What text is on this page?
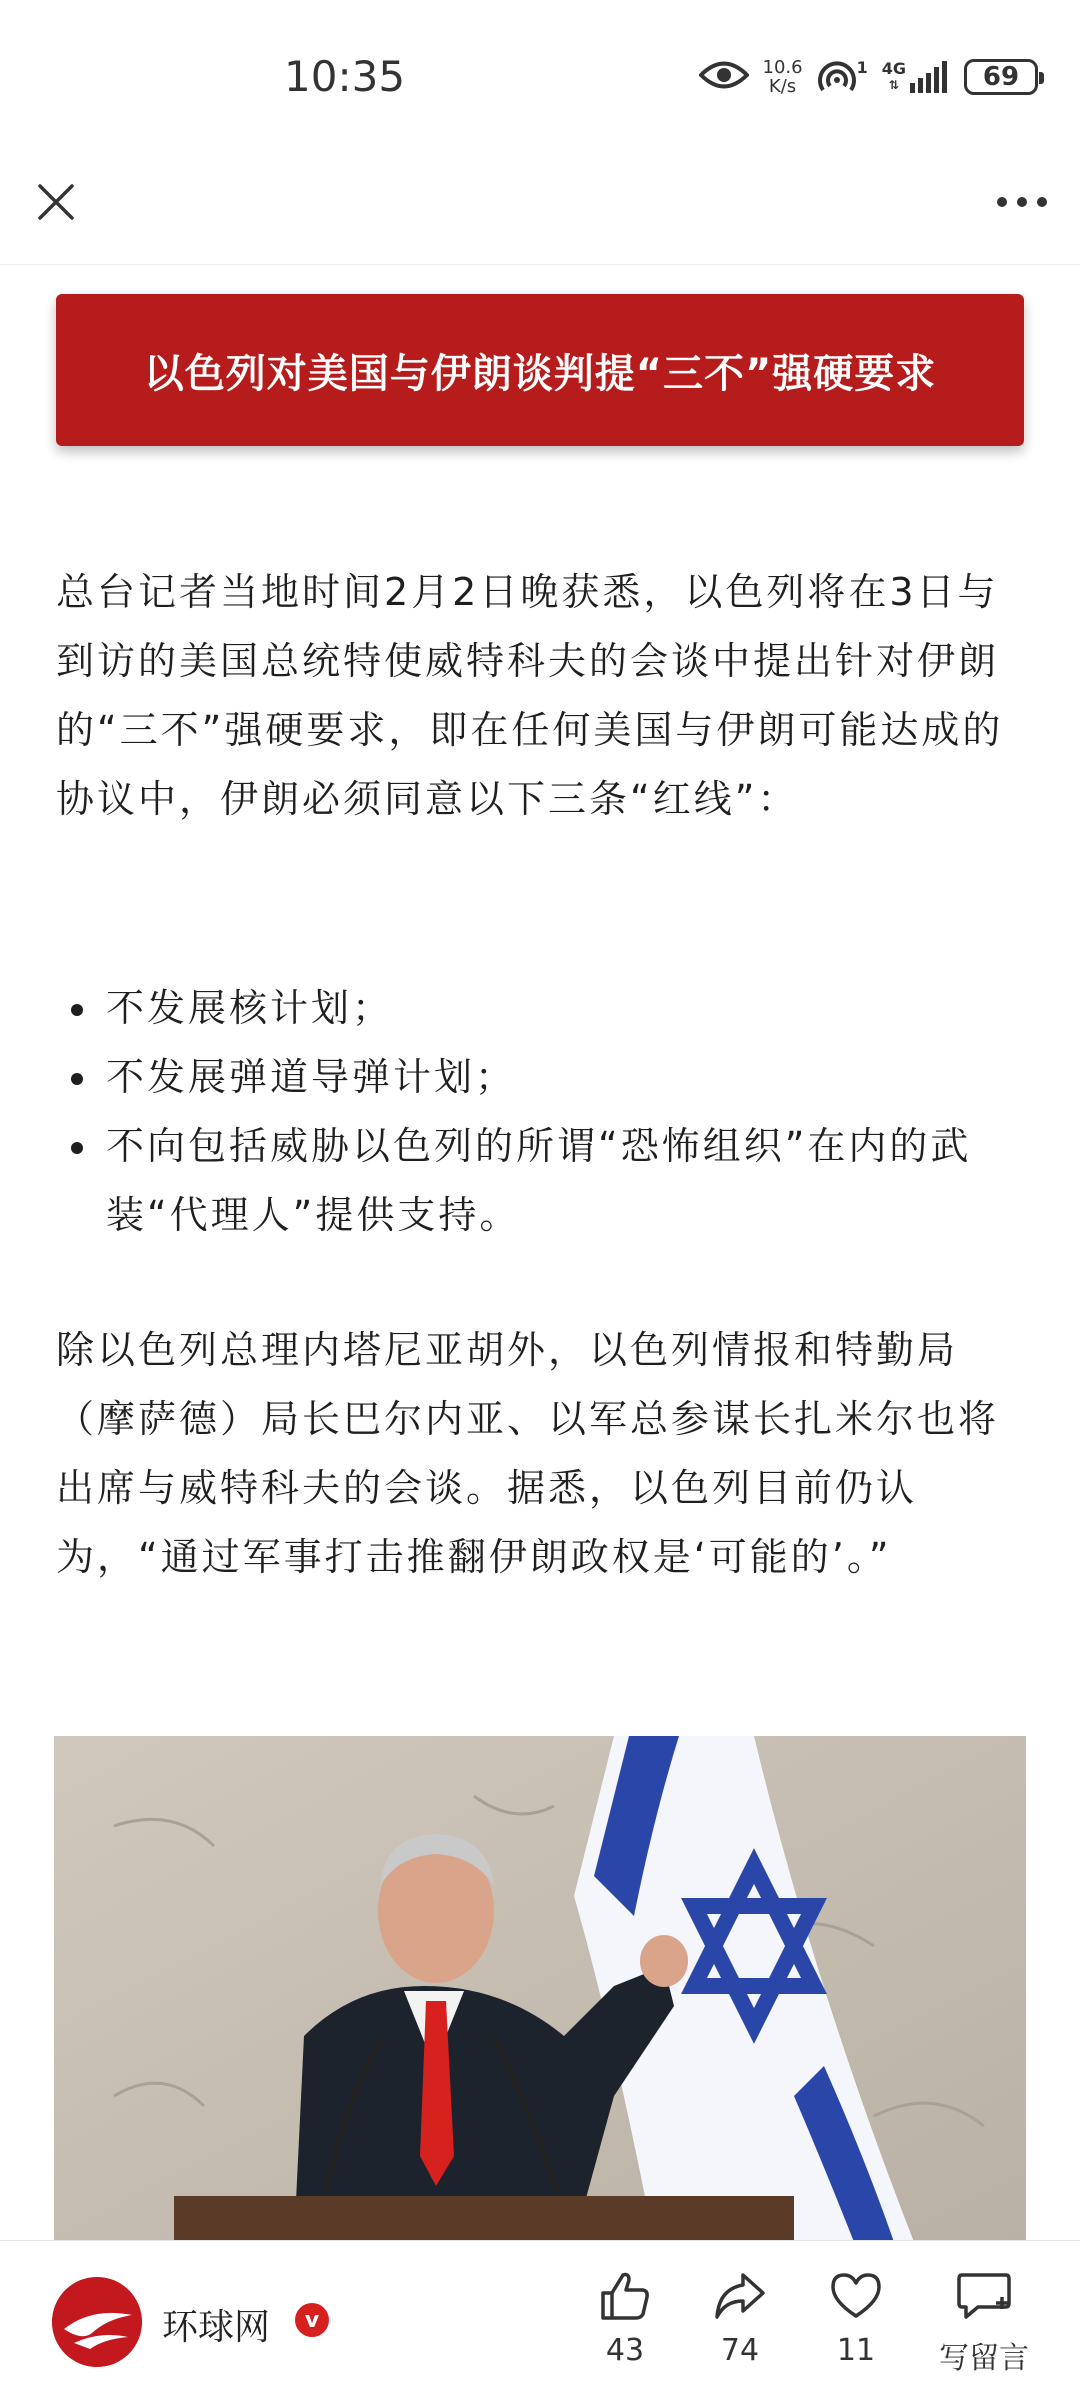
10:35	10.6
K/s
1 4G
⇅	69
以色列对美国与伊朗谈判提“三不”强硬要求

总台记者当地时间2月2日晚获悉，以色列将在3日与到访的美国总统特使威特科夫的会谈中提出针对伊朗的“三不”强硬要求，即在任何美国与伊朗可能达成的协议中，伊朗必须同意以下三条“红线”：

不发展核计划；
不发展弹道导弹计划；
不向包括威胁以色列的所谓“恐怖组织”在内的武装“代理人”提供支持。

除以色列总理内塔尼亚胡外，以色列情报和特勤局（摩萨德）局长巴尔内亚、以军总参谋长扎米尔也将出席与威特科夫的会谈。据悉，以色列目前仍认为，“通过军事打击推翻伊朗政权是‘可能的’。”

环球网	v
43	74	11 写留言
